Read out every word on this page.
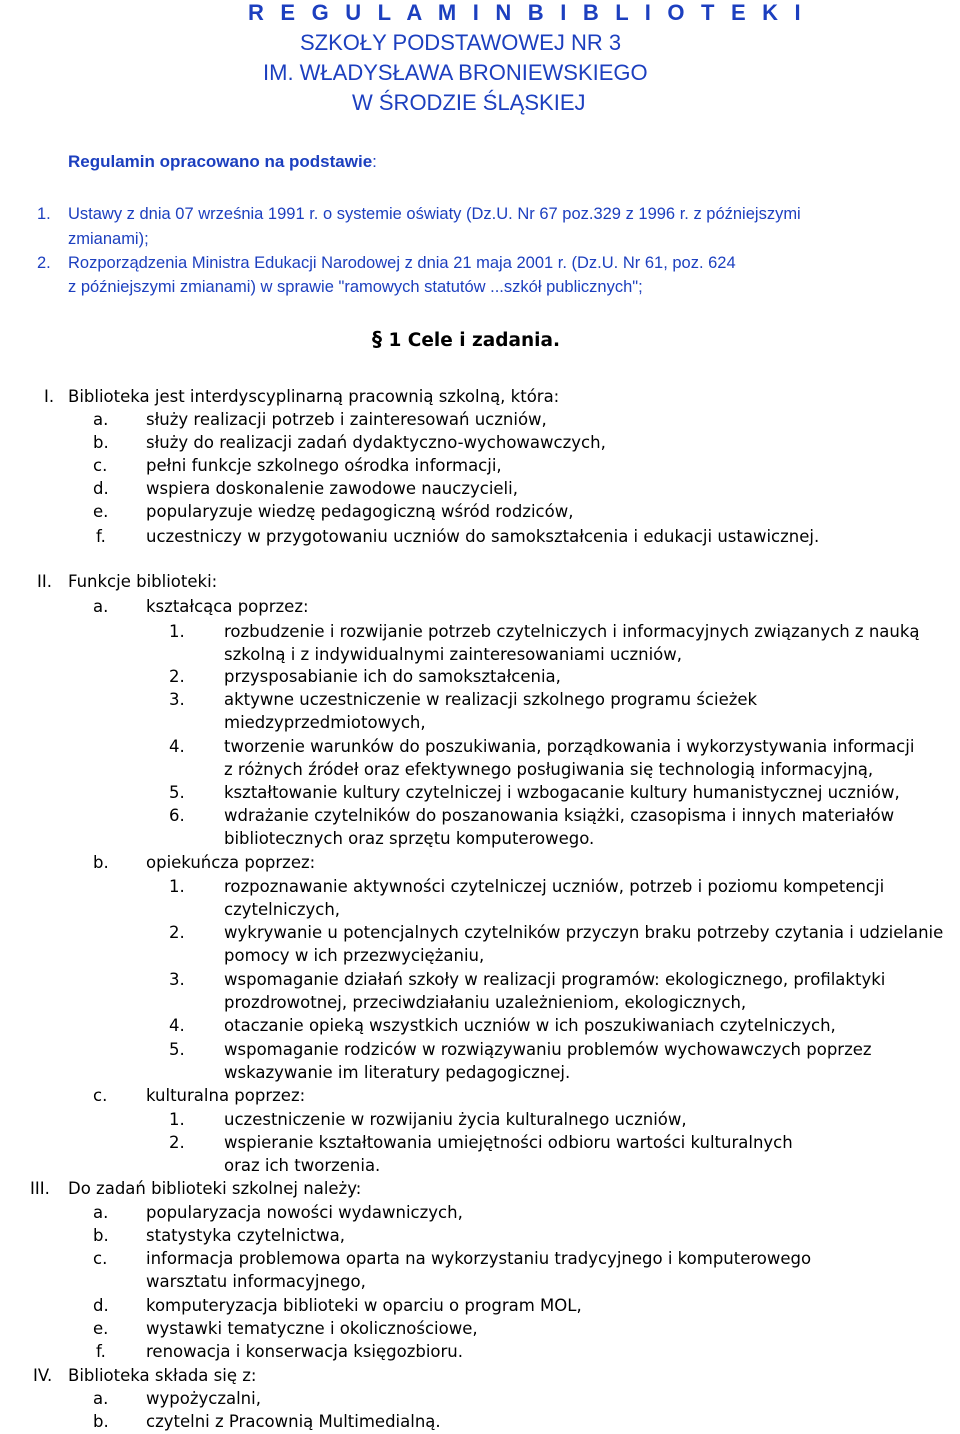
R E G U L A M I N B I B L I O T E K I
SZKOŁY PODSTAWOWEJ NR 3
IM. WŁADYSŁAWA BRONIEWSKIEGO
W ŚRODZIE ŚLĄSKIEJ
Regulamin opracowano na podstawie:
1. Ustawy z dnia 07 września 1991 r. o systemie oświaty (Dz.U. Nr 67 poz.329 z 1996 r. z późniejszymi
zmianami);
2. Rozporządzenia Ministra Edukacji Narodowej z dnia 21 maja 2001 r. (Dz.U. Nr 61, poz. 624
z późniejszymi zmianami) w sprawie "ramowych statutów ...szkół publicznych";
§ 1 Cele i zadania.
I. Biblioteka jest interdyscyplinarną pracownią szkolną, która:
a. służy realizacji potrzeb i zainteresowań uczniów,
b. służy do realizacji zadań dydaktyczno-wychowawczych,
c. pełni funkcje szkolnego ośrodka informacji,
d. wspiera doskonalenie zawodowe nauczycieli,
e. popularyzuje wiedzę pedagogiczną wśród rodziców,
f. uczestniczy w przygotowaniu uczniów do samokształcenia i edukacji ustawicznej.
II. Funkcje biblioteki:
a. kształcąca poprzez:
1. rozbudzenie i rozwijanie potrzeb czytelniczych i informacyjnych związanych z nauką
szkolną i z indywidualnymi zainteresowaniami uczniów,
2. przysposabianie ich do samokształcenia,
3. aktywne uczestniczenie w realizacji szkolnego programu ścieżek
miedzyprzedmiotowych,
4. tworzenie warunków do poszukiwania, porządkowania i wykorzystywania informacji
z różnych źródeł oraz efektywnego posługiwania się technologią informacyjną,
5. kształtowanie kultury czytelniczej i wzbogacanie kultury humanistycznej uczniów,
6. wdrażanie czytelników do poszanowania książki, czasopisma i innych materiałów
bibliotecznych oraz sprzętu komputerowego.
b. opiekuńcza poprzez:
1. rozpoznawanie aktywności czytelniczej uczniów, potrzeb i poziomu kompetencji
czytelniczych,
2. wykrywanie u potencjalnych czytelników przyczyn braku potrzeby czytania i udzielanie
pomocy w ich przezwyciężaniu,
3. wspomaganie działań szkoły w realizacji programów: ekologicznego, profilaktyki
prozdrowotnej, przeciwdziałaniu uzależnieniom, ekologicznych,
4. otaczanie opieką wszystkich uczniów w ich poszukiwaniach czytelniczych,
5. wspomaganie rodziców w rozwiązywaniu problemów wychowawczych poprzez
wskazywanie im literatury pedagogicznej.
c. kulturalna poprzez:
1. uczestniczenie w rozwijaniu życia kulturalnego uczniów,
2. wspieranie kształtowania umiejętności odbioru wartości kulturalnych
oraz ich tworzenia.
III. Do zadań biblioteki szkolnej należy:
a. popularyzacja nowości wydawniczych,
b. statystyka czytelnictwa,
c. informacja problemowa oparta na wykorzystaniu tradycyjnego i komputerowego
warsztatu informacyjnego,
d. komputeryzacja biblioteki w oparciu o program MOL,
e. wystawki tematyczne i okolicznościowe,
f. renowacja i konserwacja księgozbioru.
IV. Biblioteka składa się z:
a. wypożyczalni,
b. czytelni z Pracownią Multimedialną.
